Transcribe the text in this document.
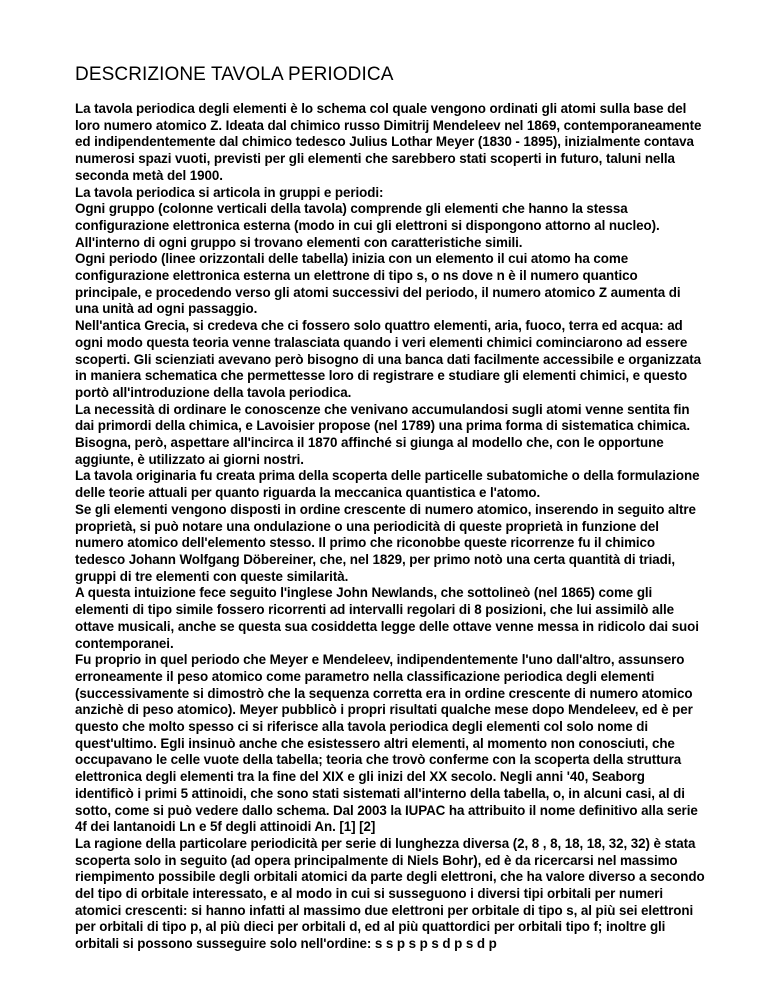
DESCRIZIONE TAVOLA PERIODICA

La tavola periodica degli elementi è lo schema col quale vengono ordinati gli atomi sulla base del loro numero atomico Z. Ideata dal chimico russo Dimitrij Mendeleev nel 1869, contemporaneamente ed indipendentemente dal chimico tedesco Julius Lothar Meyer (1830 - 1895), inizialmente contava numerosi spazi vuoti, previsti per gli elementi che sarebbero stati scoperti in futuro, taluni nella seconda metà del 1900.

La tavola periodica si articola in gruppi e periodi:

Ogni gruppo (colonne verticali della tavola) comprende gli elementi che hanno la stessa configurazione elettronica esterna (modo in cui gli elettroni si dispongono attorno al nucleo). All'interno di ogni gruppo si trovano elementi con caratteristiche simili.

Ogni periodo (linee orizzontali delle tabella) inizia con un elemento il cui atomo ha come configurazione elettronica esterna un elettrone di tipo s, o ns dove n è il numero quantico principale, e procedendo verso gli atomi successivi del periodo, il numero atomico Z aumenta di una unità ad ogni passaggio.

Nell'antica Grecia, si credeva che ci fossero solo quattro elementi, aria, fuoco, terra ed acqua: ad ogni modo questa teoria venne tralasciata quando i veri elementi chimici cominciarono ad essere scoperti. Gli scienziati avevano però bisogno di una banca dati facilmente accessibile e organizzata in maniera schematica che permettesse loro di registrare e studiare gli elementi chimici, e questo portò all'introduzione della tavola periodica.

La necessità di ordinare le conoscenze che venivano accumulandosi sugli atomi venne sentita fin dai primordi della chimica, e Lavoisier propose (nel 1789) una prima forma di sistematica chimica. Bisogna, però, aspettare all'incirca il 1870 affinché si giunga al modello che, con le opportune aggiunte, è utilizzato ai giorni nostri.

La tavola originaria fu creata prima della scoperta delle particelle subatomiche o della formulazione delle teorie attuali per quanto riguarda la meccanica quantistica e l'atomo.

Se gli elementi vengono disposti in ordine crescente di numero atomico, inserendo in seguito altre proprietà, si può notare una ondulazione o una periodicità di queste proprietà in funzione del numero atomico dell'elemento stesso. Il primo che riconobbe queste ricorrenze fu il chimico tedesco Johann Wolfgang Döbereiner, che, nel 1829, per primo notò una certa quantità di triadi, gruppi di tre elementi con queste similarità.

A questa intuizione fece seguito l'inglese John Newlands, che sottolineò (nel 1865) come gli elementi di tipo simile fossero ricorrenti ad intervalli regolari di 8 posizioni, che lui assimilò alle ottave musicali, anche se questa sua cosiddetta legge delle ottave venne messa in ridicolo dai suoi contemporanei.

Fu proprio in quel periodo che Meyer e Mendeleev, indipendentemente l'uno dall'altro, assunsero erroneamente il peso atomico come parametro nella classificazione periodica degli elementi (successivamente si dimostrò che la sequenza corretta era in ordine crescente di numero atomico anzichè di peso atomico). Meyer pubblicò i propri risultati qualche mese dopo Mendeleev, ed è per questo che molto spesso ci si riferisce alla tavola periodica degli elementi col solo nome di quest'ultimo. Egli insinuò anche che esistessero altri elementi, al momento non conosciuti, che occupavano le celle vuote della tabella; teoria che trovò conferme con la scoperta della struttura elettronica degli elementi tra la fine del XIX e gli inizi del XX secolo. Negli anni '40, Seaborg identificò i primi 5 attinoidi, che sono stati sistemati all'interno della tabella, o, in alcuni casi, al di sotto, come si può vedere dallo schema. Dal 2003 la IUPAC ha attribuito il nome definitivo alla serie 4f dei lantanoidi Ln e 5f degli attinoidi An. [1] [2]

La ragione della particolare periodicità per serie di lunghezza diversa (2, 8 , 8, 18, 18, 32, 32) è stata scoperta solo in seguito (ad opera principalmente di Niels Bohr), ed è da ricercarsi nel massimo riempimento possibile degli orbitali atomici da parte degli elettroni, che ha valore diverso a secondo del tipo di orbitale interessato, e al modo in cui si susseguono i diversi tipi orbitali per numeri atomici crescenti: si hanno infatti al massimo due elettroni per orbitale di tipo s, al più sei elettroni per orbitali di tipo p, al più dieci per orbitali d, ed al più quattordici per orbitali tipo f; inoltre gli orbitali si possono susseguire solo nell'ordine: s s p s p s d p s d p
